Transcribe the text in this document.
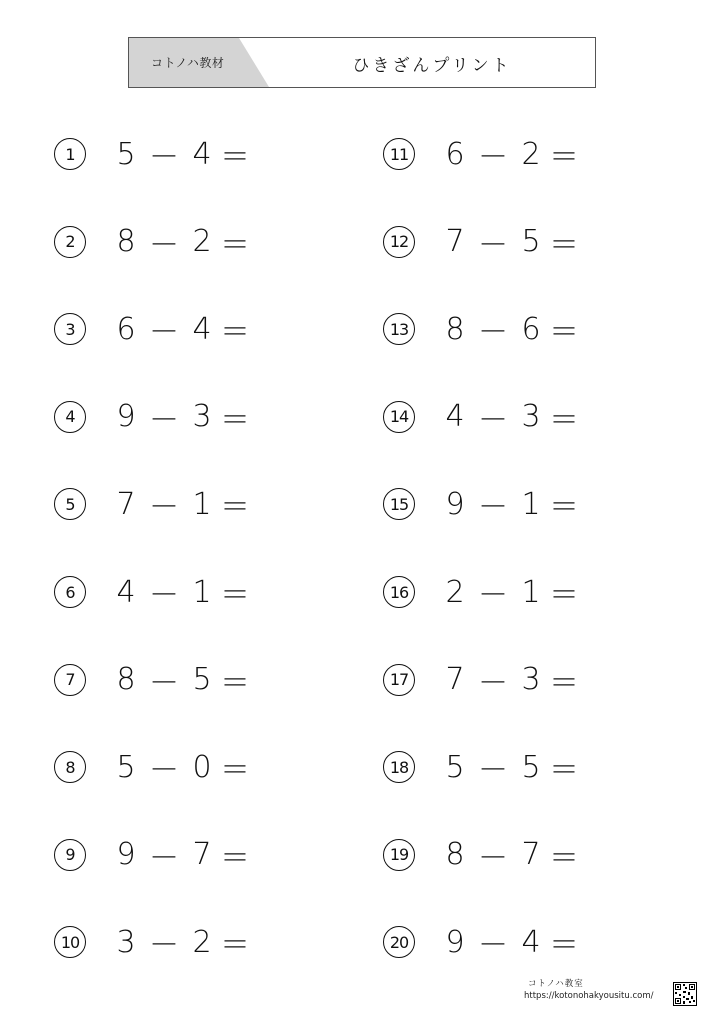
コトノハ教材	ひきざんプリント
1	5 － 4 ＝
2	8 － 2 ＝
3	6 － 4 ＝
4	9 － 3 ＝
5	7 － 1 ＝
6	4 － 1 ＝
7	8 － 5 ＝
8	5 － 0 ＝
9	9 － 7 ＝
10 3 － 2 ＝
11 6 － 2 ＝
12 7 － 5 ＝
13 8 － 6 ＝
14 4 － 3 ＝
15 9 － 1 ＝
16 2 － 1 ＝
17 7 － 3 ＝
18 5 － 5 ＝
19 8 － 7 ＝
20 9 － 4 ＝
コトノハ教室
https://kotonohakyousitu.com/
